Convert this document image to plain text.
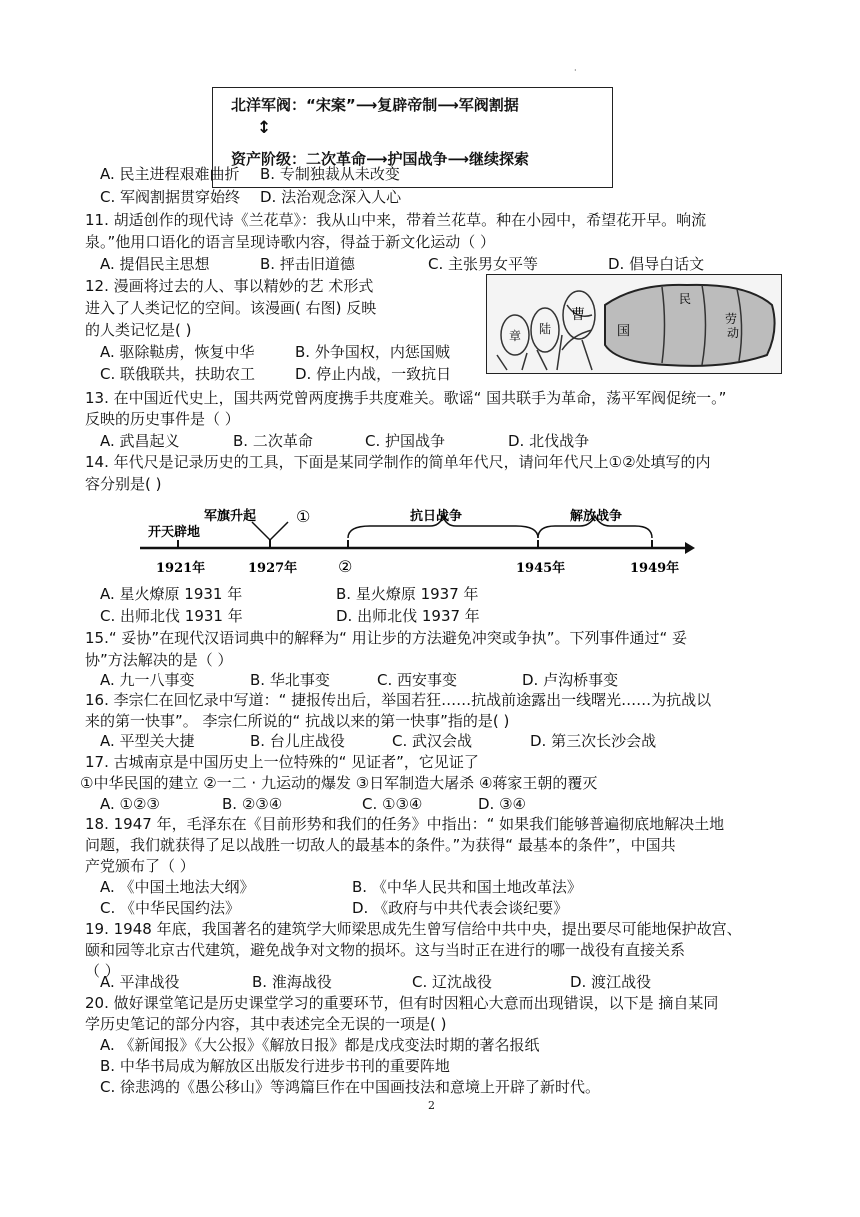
·
北洋军阀：“宋案”⟶复辟帝制⟶军阀割据
↕
资产阶级：二次革命⟶护国战争⟶继续探索
A. 民主进程艰难曲折 B. 专制独裁从未改变
C. 军阀割据贯穿始终 D. 法治观念深入人心
11. 胡适创作的现代诗《兰花草》：我从山中来，带着兰花草。种在小园中，希望花开早。响流
泉。”他用口语化的语言呈现诗歌内容，得益于新文化运动（ ）
A. 提倡民主思想	B. 抨击旧道德	C. 主张男女平等	D. 倡导白话文
12. 漫画将过去的人、事以精妙的艺 术形式
进入了人类记忆的空间。该漫画( 右图) 反映
的人类记忆是( )
A. 驱除鞑虏，恢复中华	B. 外争国权，内惩国贼
C. 联俄联共，扶助农工	D. 停止内战，一致抗日
章 陆
曹
国
民
劳
动
13. 在中国近代史上，国共两党曾两度携手共度难关。歌谣“ 国共联手为革命，荡平军阀促统一。”
反映的历史事件是（ ）
A. 武昌起义	B. 二次革命	C. 护国战争	D. 北伐战争
14. 年代尺是记录历史的工具，下面是某同学制作的简单年代尺，请问年代尺上①②处填写的内
容分别是( )
开天辟地
军旗升起 ①	抗日战争	解放战争
1921年	1927年	②	1945年	1949年
A. 星火燎原 1931 年	B. 星火燎原 1937 年
C. 出师北伐 1931 年	D. 出师北伐 1937 年
15.“ 妥协”在现代汉语词典中的解释为“ 用让步的方法避免冲突或争执”。下列事件通过“ 妥
协”方法解决的是（ ）
A. 九一八事变	B. 华北事变	C. 西安事变	D. 卢沟桥事变
16. 李宗仁在回忆录中写道：“ 捷报传出后，举国若狂……抗战前途露出一线曙光……为抗战以
来的第一快事”。 李宗仁所说的“ 抗战以来的第一快事”指的是( )
A. 平型关大捷	B. 台儿庄战役	C. 武汉会战	D. 第三次长沙会战
17. 古城南京是中国历史上一位特殊的“ 见证者”，它见证了
①中华民国的建立 ②一二 · 九运动的爆发 ③日军制造大屠杀 ④蒋家王朝的覆灭
A. ①②③	B. ②③④	C. ①③④	D. ③④
18. 1947 年，毛泽东在《目前形势和我们的任务》中指出：“ 如果我们能够普遍彻底地解决土地
问题，我们就获得了足以战胜一切敌人的最基本的条件。”为获得“ 最基本的条件”，中国共
产党颁布了（ ）
A. 《中国土地法大纲》	B. 《中华人民共和国土地改革法》
C. 《中华民国约法》	D. 《政府与中共代表会谈纪要》
19. 1948 年底，我国著名的建筑学大师梁思成先生曾写信给中共中央，提出要尽可能地保护故宫、
颐和园等北京古代建筑，避免战争对文物的损坏。这与当时正在进行的哪一战役有直接关系
（ ）
A. 平津战役	B. 淮海战役	C. 辽沈战役	D. 渡江战役
20. 做好课堂笔记是历史课堂学习的重要环节，但有时因粗心大意而出现错误，以下是 摘自某同
学历史笔记的部分内容，其中表述完全无误的一项是( )
A. 《新闻报》《大公报》《解放日报》都是戊戌变法时期的著名报纸
B. 中华书局成为解放区出版发行进步书刊的重要阵地
C. 徐悲鸿的《愚公移山》等鸿篇巨作在中国画技法和意境上开辟了新时代。
2
